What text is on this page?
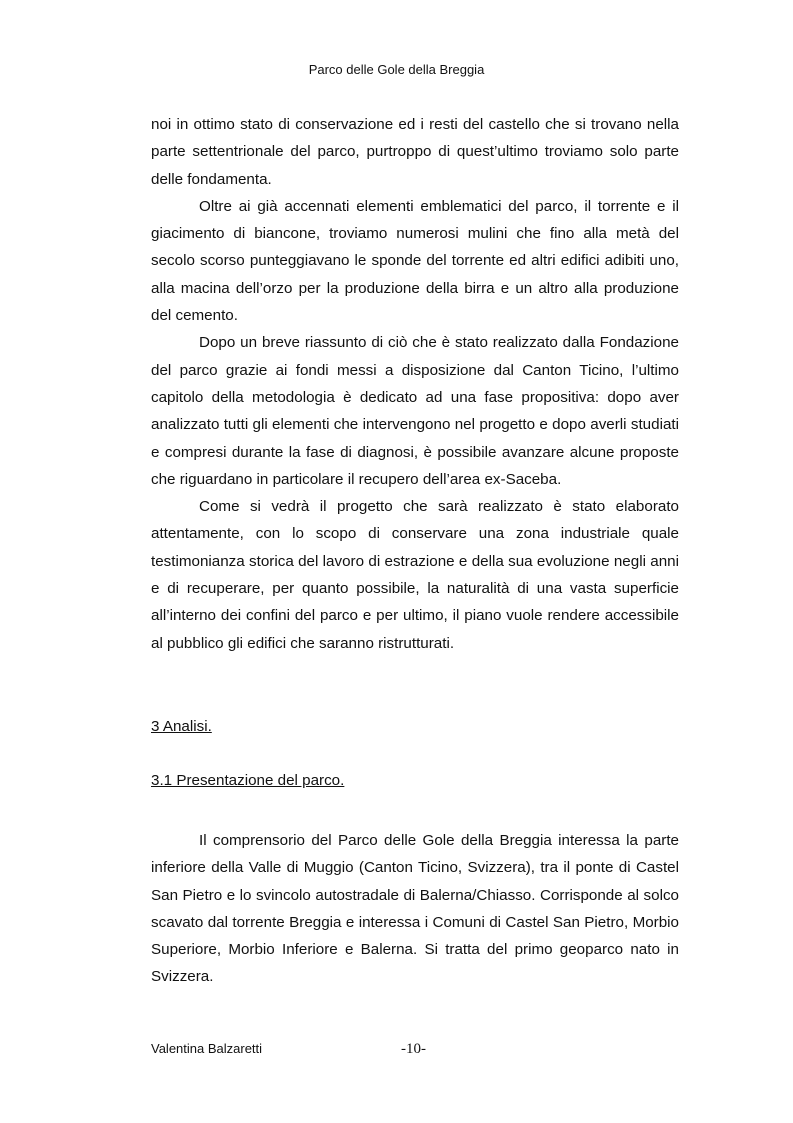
Parco delle Gole della Breggia

noi in ottimo stato di conservazione ed i resti del castello che si trovano nella parte settentrionale del parco, purtroppo di quest’ultimo troviamo solo parte delle fondamenta.

Oltre ai già accennati elementi emblematici del parco, il torrente e il giacimento di biancone, troviamo numerosi mulini che fino alla metà del secolo scorso punteggiavano le sponde del torrente ed altri edifici adibiti uno, alla macina dell’orzo per la produzione della birra e un altro alla produzione del cemento.

Dopo un breve riassunto di ciò che è stato realizzato dalla Fondazione del parco grazie ai fondi messi a disposizione dal Canton Ticino, l’ultimo capitolo della metodologia è dedicato ad una fase propositiva: dopo aver analizzato tutti gli elementi che intervengono nel progetto e dopo averli studiati e compresi durante la fase di diagnosi, è possibile avanzare alcune proposte che riguardano in particolare il recupero dell’area ex-Saceba.

Come si vedrà il progetto che sarà realizzato è stato elaborato attentamente, con lo scopo di conservare una zona industriale quale testimonianza storica del lavoro di estrazione e della sua evoluzione negli anni e di recuperare, per quanto possibile, la naturalità di una vasta superficie all’interno dei confini del parco e per ultimo, il piano vuole rendere accessibile al pubblico gli edifici che saranno ristrutturati.

3 Analisi.
3.1 Presentazione del parco.

Il comprensorio del Parco delle Gole della Breggia interessa la parte inferiore della Valle di Muggio (Canton Ticino, Svizzera), tra il ponte di Castel San Pietro e lo svincolo autostradale di Balerna/Chiasso. Corrisponde al solco scavato dal torrente Breggia e interessa i Comuni di Castel San Pietro, Morbio Superiore, Morbio Inferiore e Balerna. Si tratta del primo geoparco nato in Svizzera.

Valentina Balzaretti	-10-
